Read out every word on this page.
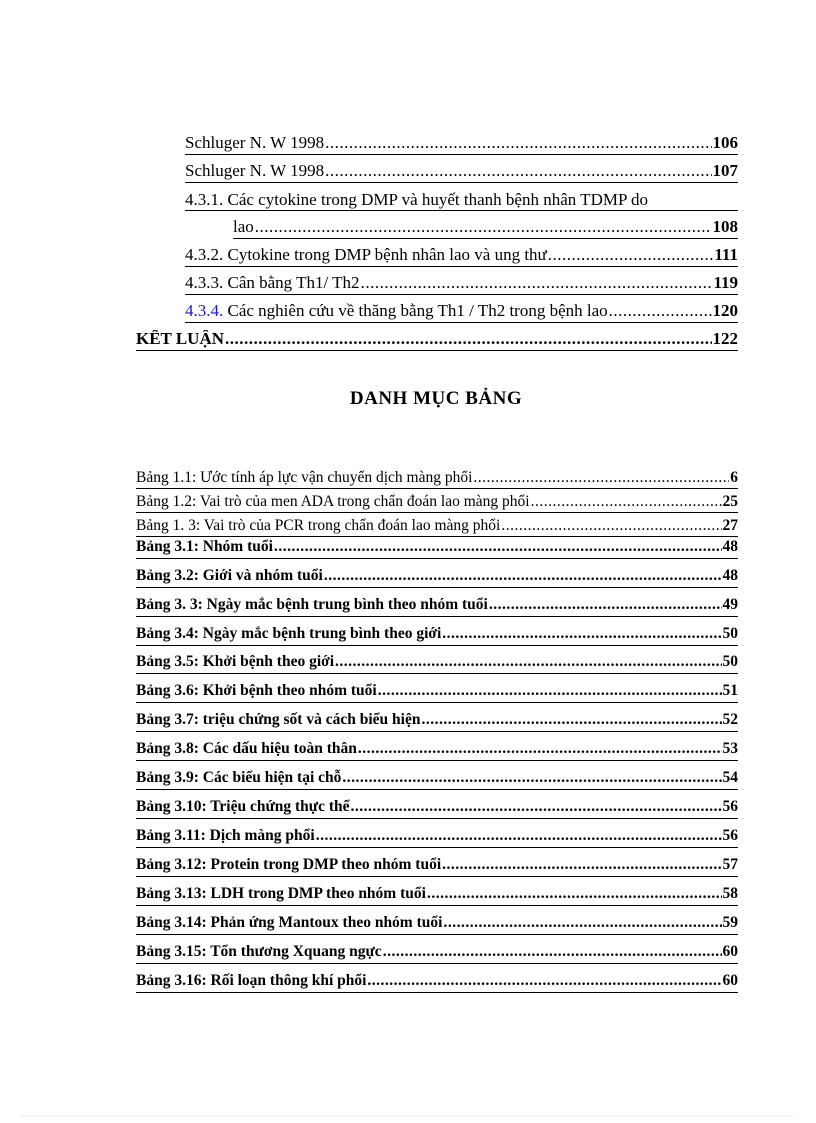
Schluger N. W 1998 .....	106
Schluger N. W 1998 .....	107
4.3.1. Các cytokine trong DMP và huyết thanh bệnh nhân TDMP do
lao .....	108
4.3.2. Cytokine trong DMP bệnh nhân lao và ung thư .....	111
4.3.3. Cân bằng Th1/ Th2 .....	119
4.3.4. Các nghiên cứu về thăng bằng Th1 / Th2 trong bệnh lao .....	120
KẾT LUẬN .....	122
DANH MỤC BẢNG
Bảng 1.1: Ước tính áp lực vận chuyển dịch màng phổi .....	6
Bảng 1.2: Vai trò của men ADA trong chẩn đoán lao màng phổi .....	25
Bảng 1. 3: Vai trò của PCR trong chẩn đoán lao màng phổi .....	27
Bảng 3.1: Nhóm tuổi .....	48
Bảng 3.2: Giới và nhóm tuổi .....	48
Bảng 3. 3: Ngày mắc bệnh trung bình theo nhóm tuổi .....	49
Bảng 3.4: Ngày mắc bệnh trung bình theo giới .....	50
Bảng 3.5: Khởi bệnh theo giới .....	50
Bảng 3.6: Khởi bệnh theo nhóm tuổi .....	51
Bảng 3.7: triệu chứng sốt và cách biểu hiện .....	52
Bảng 3.8: Các dấu hiệu toàn thân .....	53
Bảng 3.9: Các biểu hiện tại chỗ .....	54
Bảng 3.10: Triệu chứng thực thể .....	56
Bảng 3.11: Dịch màng phổi .....	56
Bảng 3.12: Protein trong DMP theo nhóm tuổi .....	57
Bảng 3.13: LDH trong DMP theo nhóm tuổi .....	58
Bảng 3.14: Phản ứng Mantoux theo nhóm tuổi .....	59
Bảng 3.15: Tổn thương Xquang ngực .....	60
Bảng 3.16: Rối loạn thông khí phổi .....	60
